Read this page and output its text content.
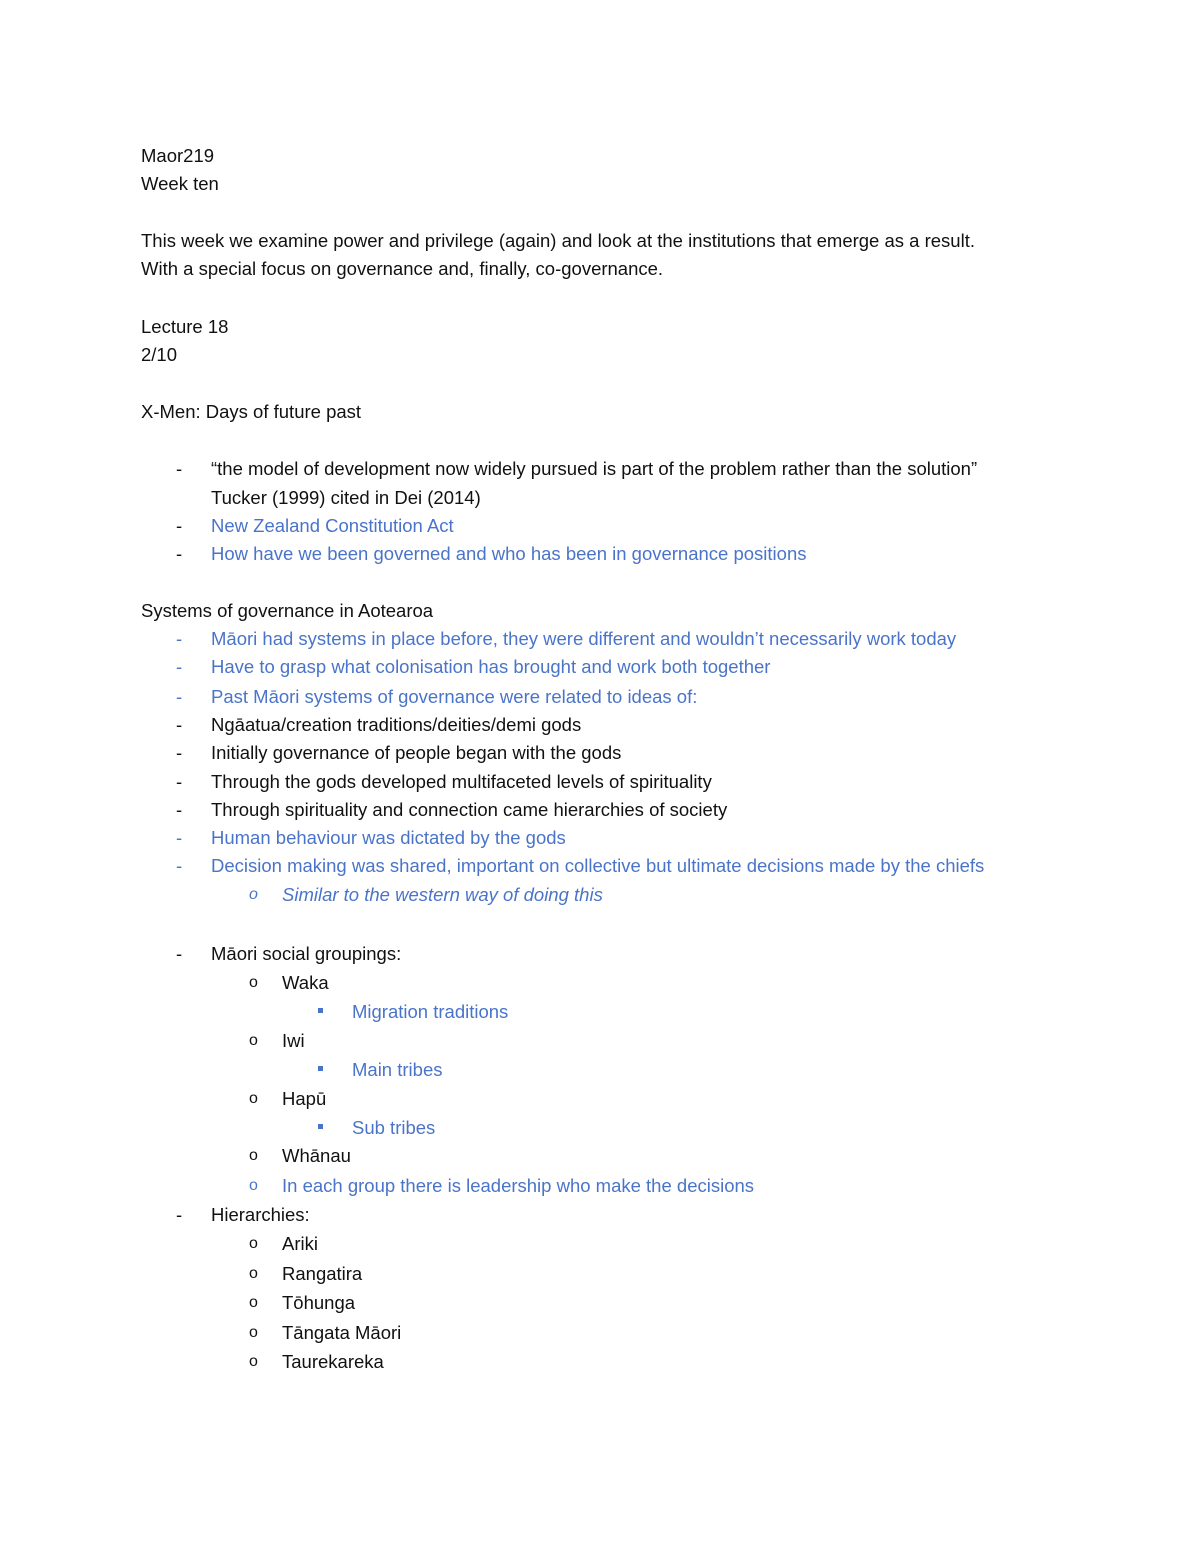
Maor219
Week ten
This week we examine power and privilege (again) and look at the institutions that emerge as a result.
With a special focus on governance and, finally, co-governance.
Lecture 18
2/10
X-Men: Days of future past
- “the model of development now widely pursued is part of the problem rather than the solution”
Tucker (1999) cited in Dei (2014)
- New Zealand Constitution Act
- How have we been governed and who has been in governance positions
Systems of governance in Aotearoa
- Māori had systems in place before, they were different and wouldn’t necessarily work today
- Have to grasp what colonisation has brought and work both together
- Past Māori systems of governance were related to ideas of:
- Ngāatua/creation traditions/deities/demi gods
- Initially governance of people began with the gods
- Through the gods developed multifaceted levels of spirituality
- Through spirituality and connection came hierarchies of society
- Human behaviour was dictated by the gods
- Decision making was shared, important on collective but ultimate decisions made by the chiefs
o Similar to the western way of doing this
- Māori social groupings:
o Waka
Migration traditions
o Iwi
Main tribes
o Hapū
Sub tribes
o Whānau
o In each group there is leadership who make the decisions
- Hierarchies:
o Ariki
o Rangatira
o Tōhunga
o Tāngata Māori
o Taurekareka
